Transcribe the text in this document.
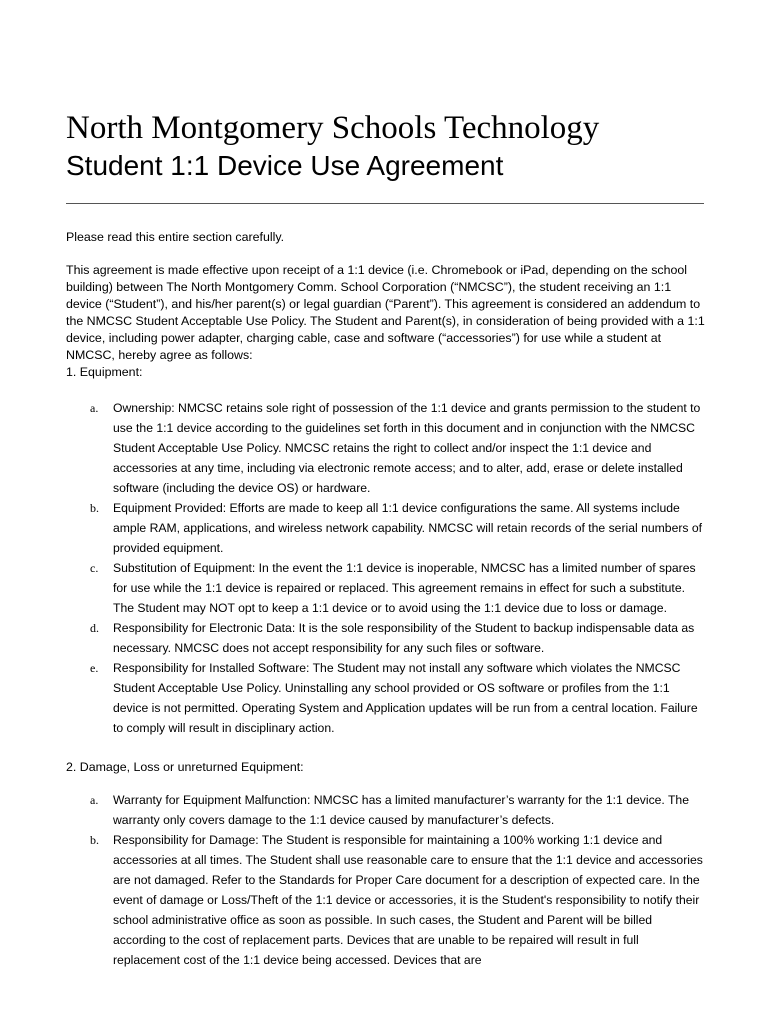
North Montgomery Schools Technology
Student 1:1 Device Use Agreement
Please read this entire section carefully.
This agreement is made effective upon receipt of a 1:1 device (i.e. Chromebook or iPad, depending on the school building) between The North Montgomery Comm. School Corporation (“NMCSC”), the student receiving an 1:1 device (“Student”), and his/her parent(s) or legal guardian (“Parent”). This agreement is considered an addendum to the NMCSC Student Acceptable Use Policy. The Student and Parent(s), in consideration of being provided with a 1:1 device, including power adapter, charging cable, case and software (“accessories”) for use while a student at NMCSC, hereby agree as follows:
1. Equipment:
a. Ownership: NMCSC retains sole right of possession of the 1:1 device and grants permission to the student to use the 1:1 device according to the guidelines set forth in this document and in conjunction with the NMCSC Student Acceptable Use Policy. NMCSC retains the right to collect and/or inspect the 1:1 device and accessories at any time, including via electronic remote access; and to alter, add, erase or delete installed software (including the device OS) or hardware.
b. Equipment Provided: Efforts are made to keep all 1:1 device configurations the same. All systems include ample RAM, applications, and wireless network capability. NMCSC will retain records of the serial numbers of provided equipment.
c. Substitution of Equipment: In the event the 1:1 device is inoperable, NMCSC has a limited number of spares for use while the 1:1 device is repaired or replaced. This agreement remains in effect for such a substitute. The Student may NOT opt to keep a 1:1 device or to avoid using the 1:1 device due to loss or damage.
d. Responsibility for Electronic Data: It is the sole responsibility of the Student to backup indispensable data as necessary. NMCSC does not accept responsibility for any such files or software.
e. Responsibility for Installed Software: The Student may not install any software which violates the NMCSC Student Acceptable Use Policy. Uninstalling any school provided or OS software or profiles from the 1:1 device is not permitted. Operating System and Application updates will be run from a central location. Failure to comply will result in disciplinary action.
2. Damage, Loss or unreturned Equipment:
a. Warranty for Equipment Malfunction: NMCSC has a limited manufacturer’s warranty for the 1:1 device. The warranty only covers damage to the 1:1 device caused by manufacturer’s defects.
b. Responsibility for Damage: The Student is responsible for maintaining a 100% working 1:1 device and accessories at all times. The Student shall use reasonable care to ensure that the 1:1 device and accessories are not damaged. Refer to the Standards for Proper Care document for a description of expected care. In the event of damage or Loss/Theft of the 1:1 device or accessories, it is the Student's responsibility to notify their school administrative office as soon as possible. In such cases, the Student and Parent will be billed according to the cost of replacement parts. Devices that are unable to be repaired will result in full replacement cost of the 1:1 device being accessed. Devices that are
